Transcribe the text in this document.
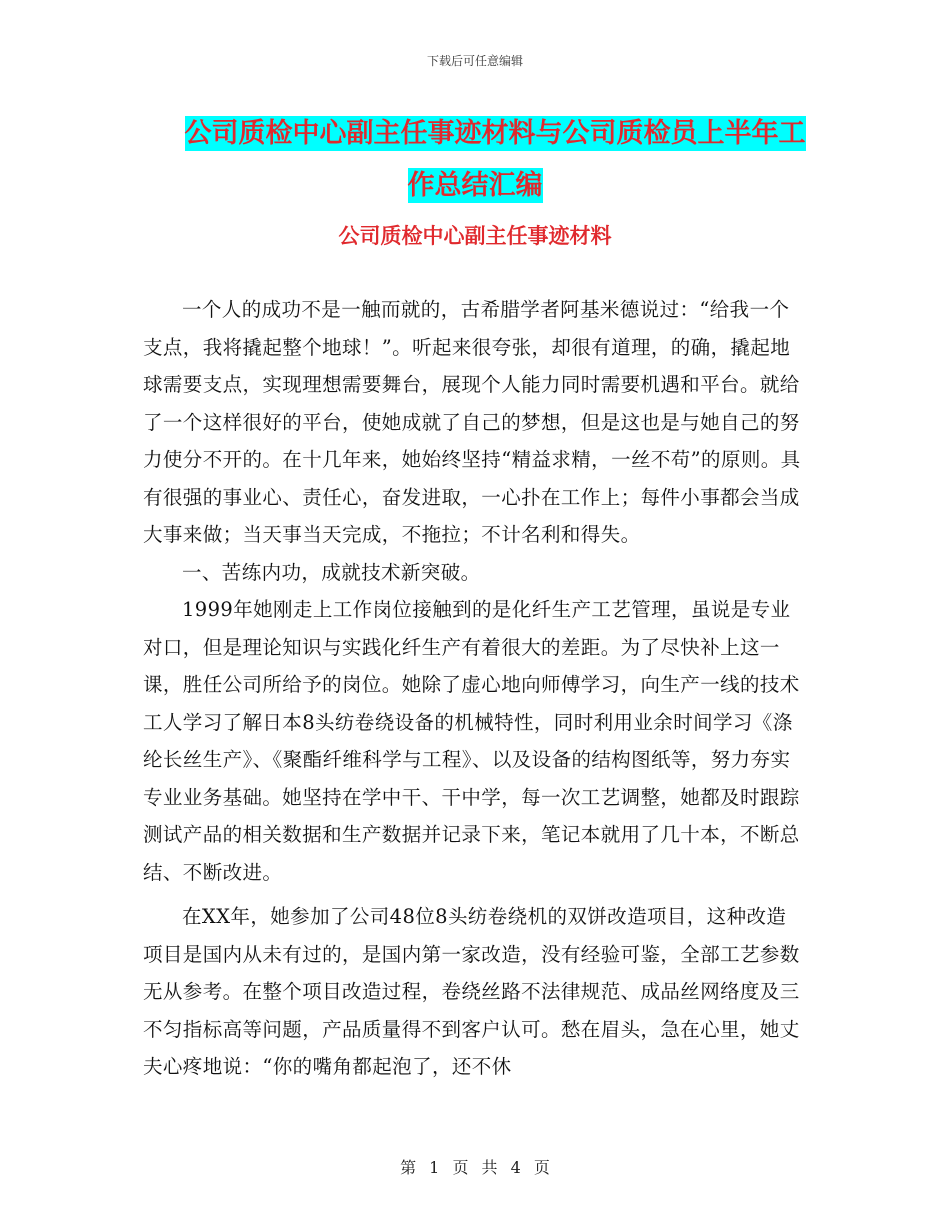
下载后可任意编辑
公司质检中心副主任事迹材料与公司质检员上半年工
作总结汇编
公司质检中心副主任事迹材料

一个人的成功不是一触而就的，古希腊学者阿基米德说过：“给我一个支点，我将撬起整个地球！”。听起来很夸张，却很有道理，的确，撬起地球需要支点，实现理想需要舞台，展现个人能力同时需要机遇和平台。就给了一个这样很好的平台，使她成就了自己的梦想，但是这也是与她自己的努力使分不开的。在十几年来，她始终坚持“精益求精，一丝不苟”的原则。具有很强的事业心、责任心，奋发进取，一心扑在工作上；每件小事都会当成大事来做；当天事当天完成，不拖拉；不计名利和得失。

一、苦练内功，成就技术新突破。

1999年她刚走上工作岗位接触到的是化纤生产工艺管理，虽说是专业对口，但是理论知识与实践化纤生产有着很大的差距。为了尽快补上这一课，胜任公司所给予的岗位。她除了虚心地向师傅学习，向生产一线的技术工人学习了解日本8头纺卷绕设备的机械特性，同时利用业余时间学习《涤纶长丝生产》、《聚酯纤维科学与工程》、以及设备的结构图纸等，努力夯实专业业务基础。她坚持在学中干、干中学，每一次工艺调整，她都及时跟踪测试产品的相关数据和生产数据并记录下来，笔记本就用了几十本，不断总结、不断改进。

在XX年，她参加了公司48位8头纺卷绕机的双饼改造项目，这种改造项目是国内从未有过的，是国内第一家改造，没有经验可鉴，全部工艺参数无从参考。在整个项目改造过程，卷绕丝路不法律规范、成品丝网络度及三不匀指标高等问题，产品质量得不到客户认可。愁在眉头，急在心里，她丈夫心疼地说：“你的嘴角都起泡了，还不休

第 1 页 共 4 页
